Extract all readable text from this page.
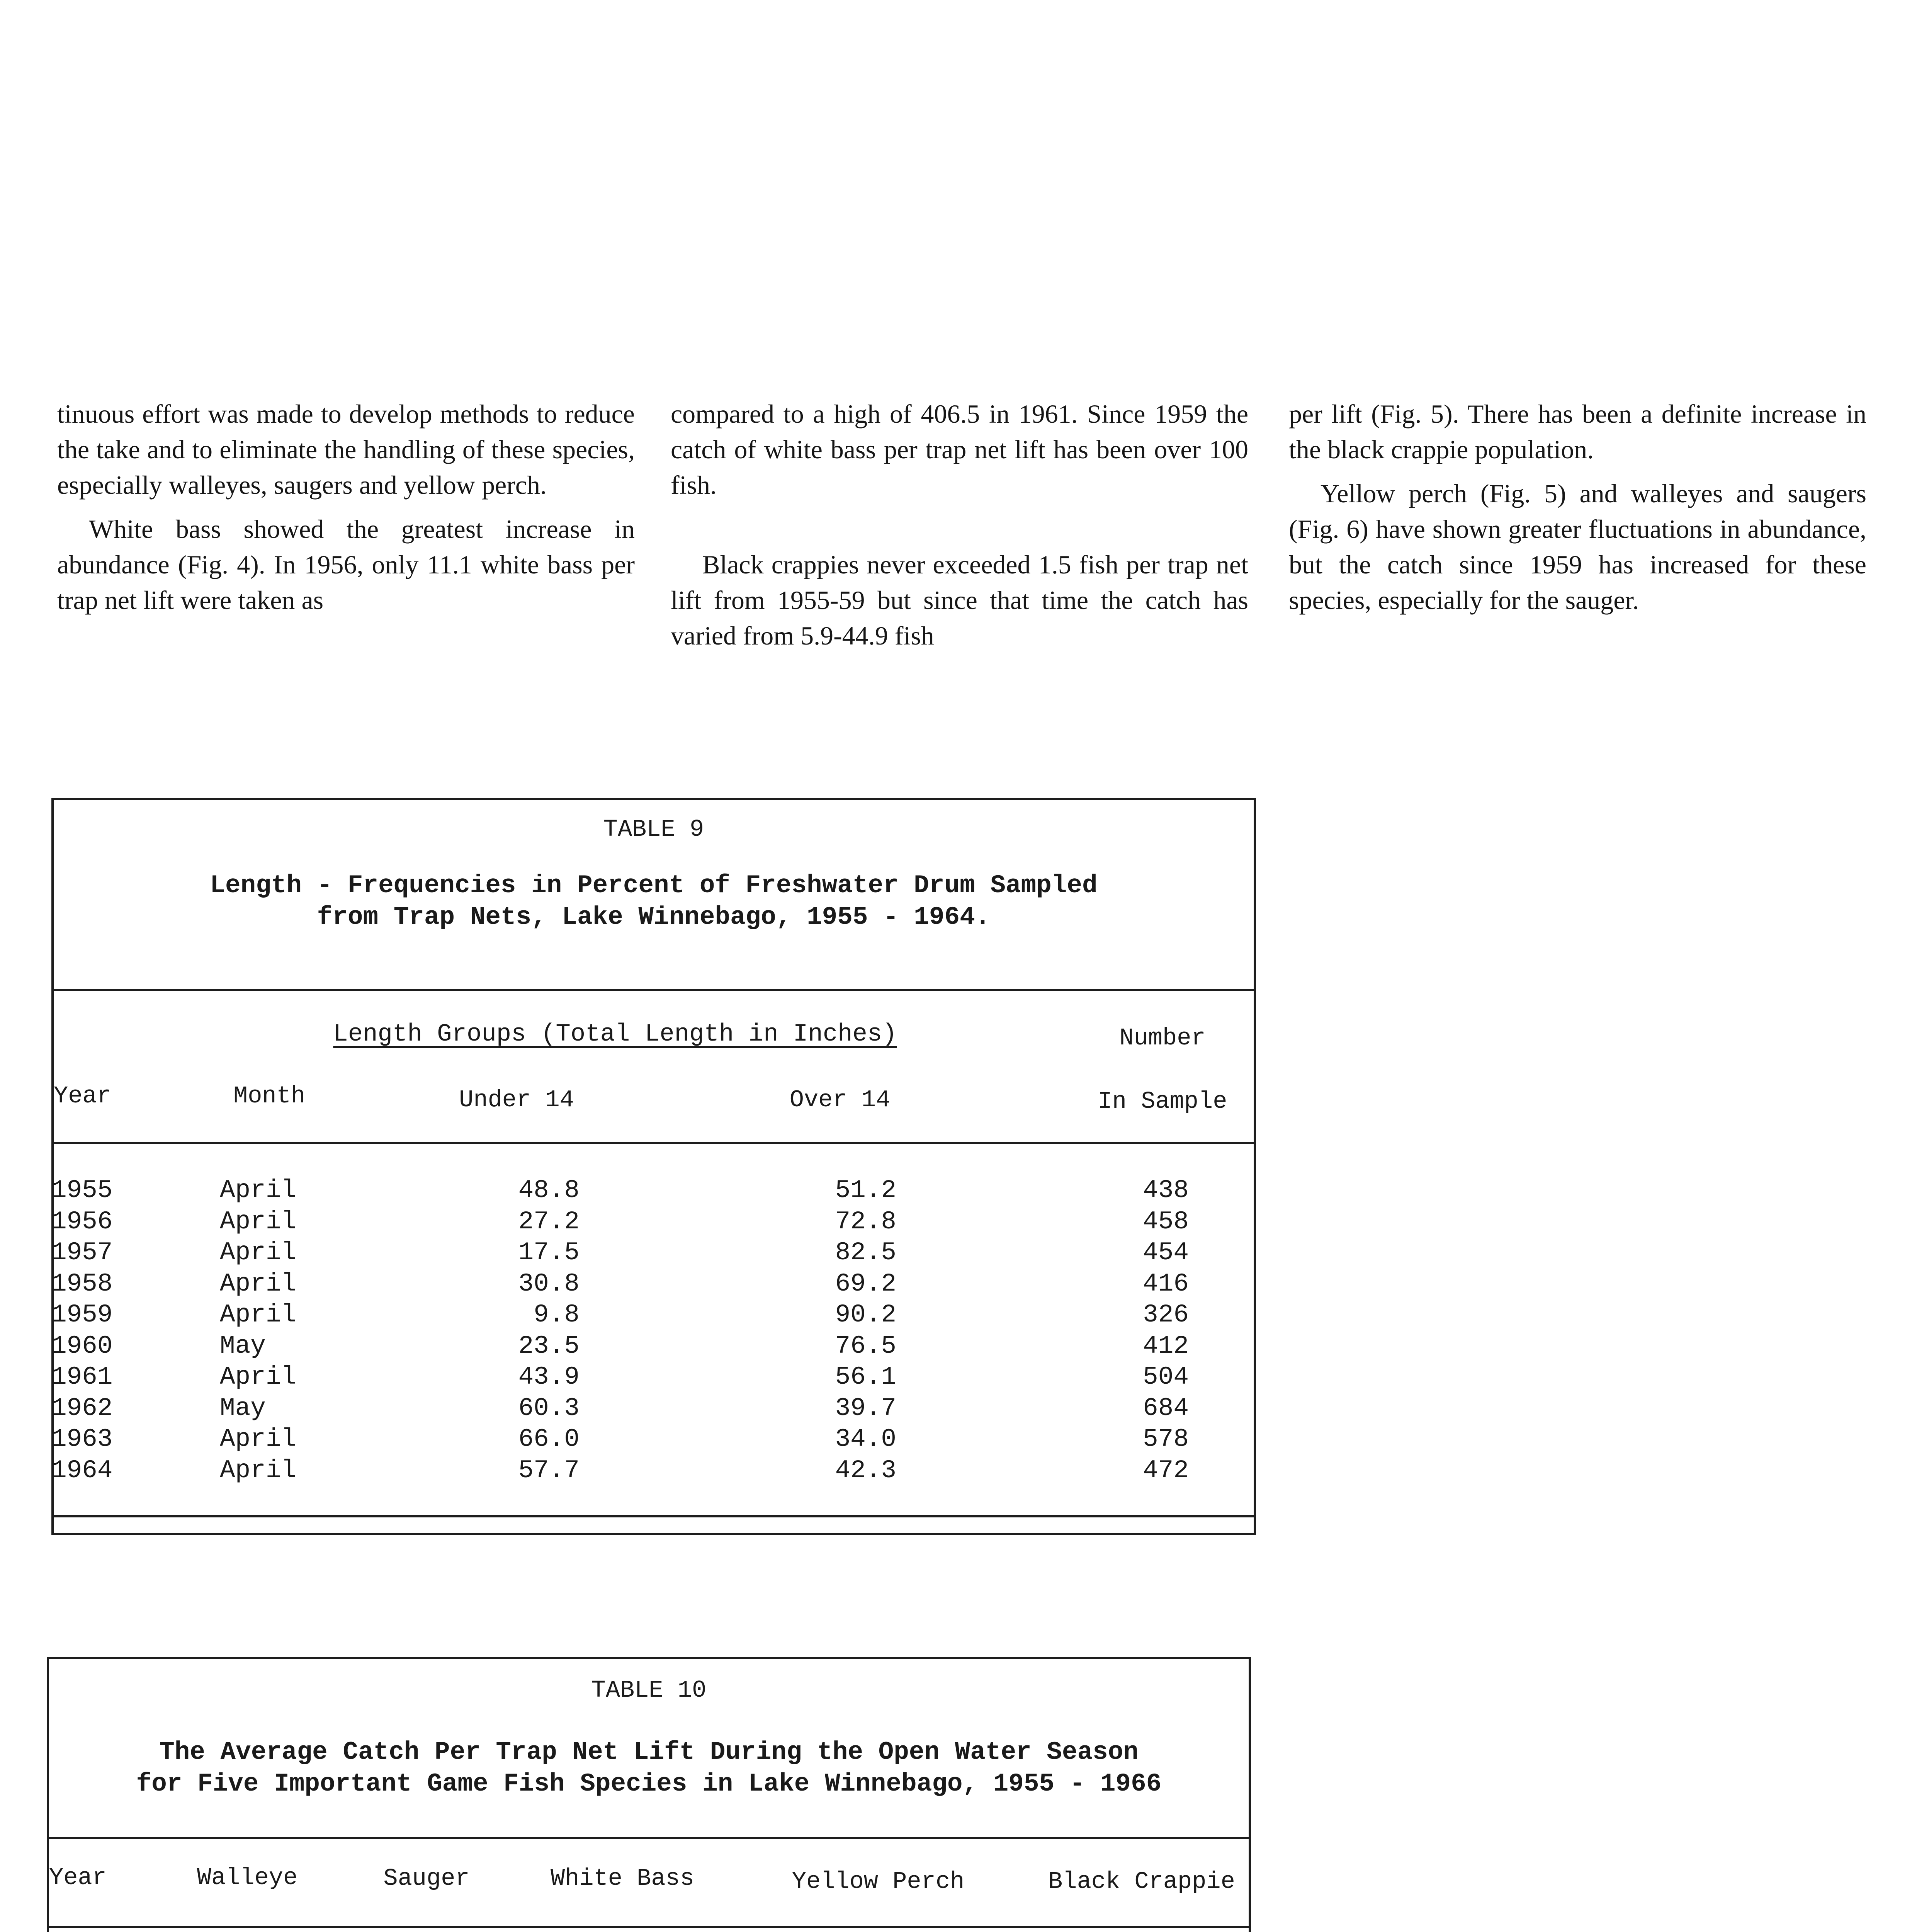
tinuous effort was made to develop methods to reduce the take and to eliminate the handling of these species, especially walleyes, saugers and yellow perch.

White bass showed the greatest increase in abundance (Fig. 4). In 1956, only 11.1 white bass per trap net lift were taken as

compared to a high of 406.5 in 1961. Since 1959 the catch of white bass per trap net lift has been over 100 fish.

Black crappies never exceeded 1.5 fish per trap net lift from 1955-59 but since that time the catch has varied from 5.9-44.9 fish

per lift (Fig. 5). There has been a definite increase in the black crappie population.

Yellow perch (Fig. 5) and walleyes and saugers (Fig. 6) have shown greater fluctuations in abundance, but the catch since 1959 has increased for these species, especially for the sauger.

TABLE 9
Length - Frequencies in Percent of Freshwater Drum Sampled
from Trap Nets, Lake Winnebago, 1955 - 1964.
Length Groups (Total Length in Inches)	Number
Year	Month	Under 14	Over 14	In Sample
1955	April	48.8	51.2	438
1956	April	27.2	72.8	458
1957	April	17.5	82.5	454
1958	April	30.8	69.2	416
1959	April	9.8	90.2	326
1960	May	23.5	76.5	412
1961	April	43.9	56.1	504
1962	May	60.3	39.7	684
1963	April	66.0	34.0	578
1964	April	57.7	42.3	472
TABLE 10
The Average Catch Per Trap Net Lift During the Open Water Season
for Five Important Game Fish Species in Lake Winnebago, 1955 - 1966
Year	Walleye	Sauger	White Bass	Yellow Perch	Black Crappie
